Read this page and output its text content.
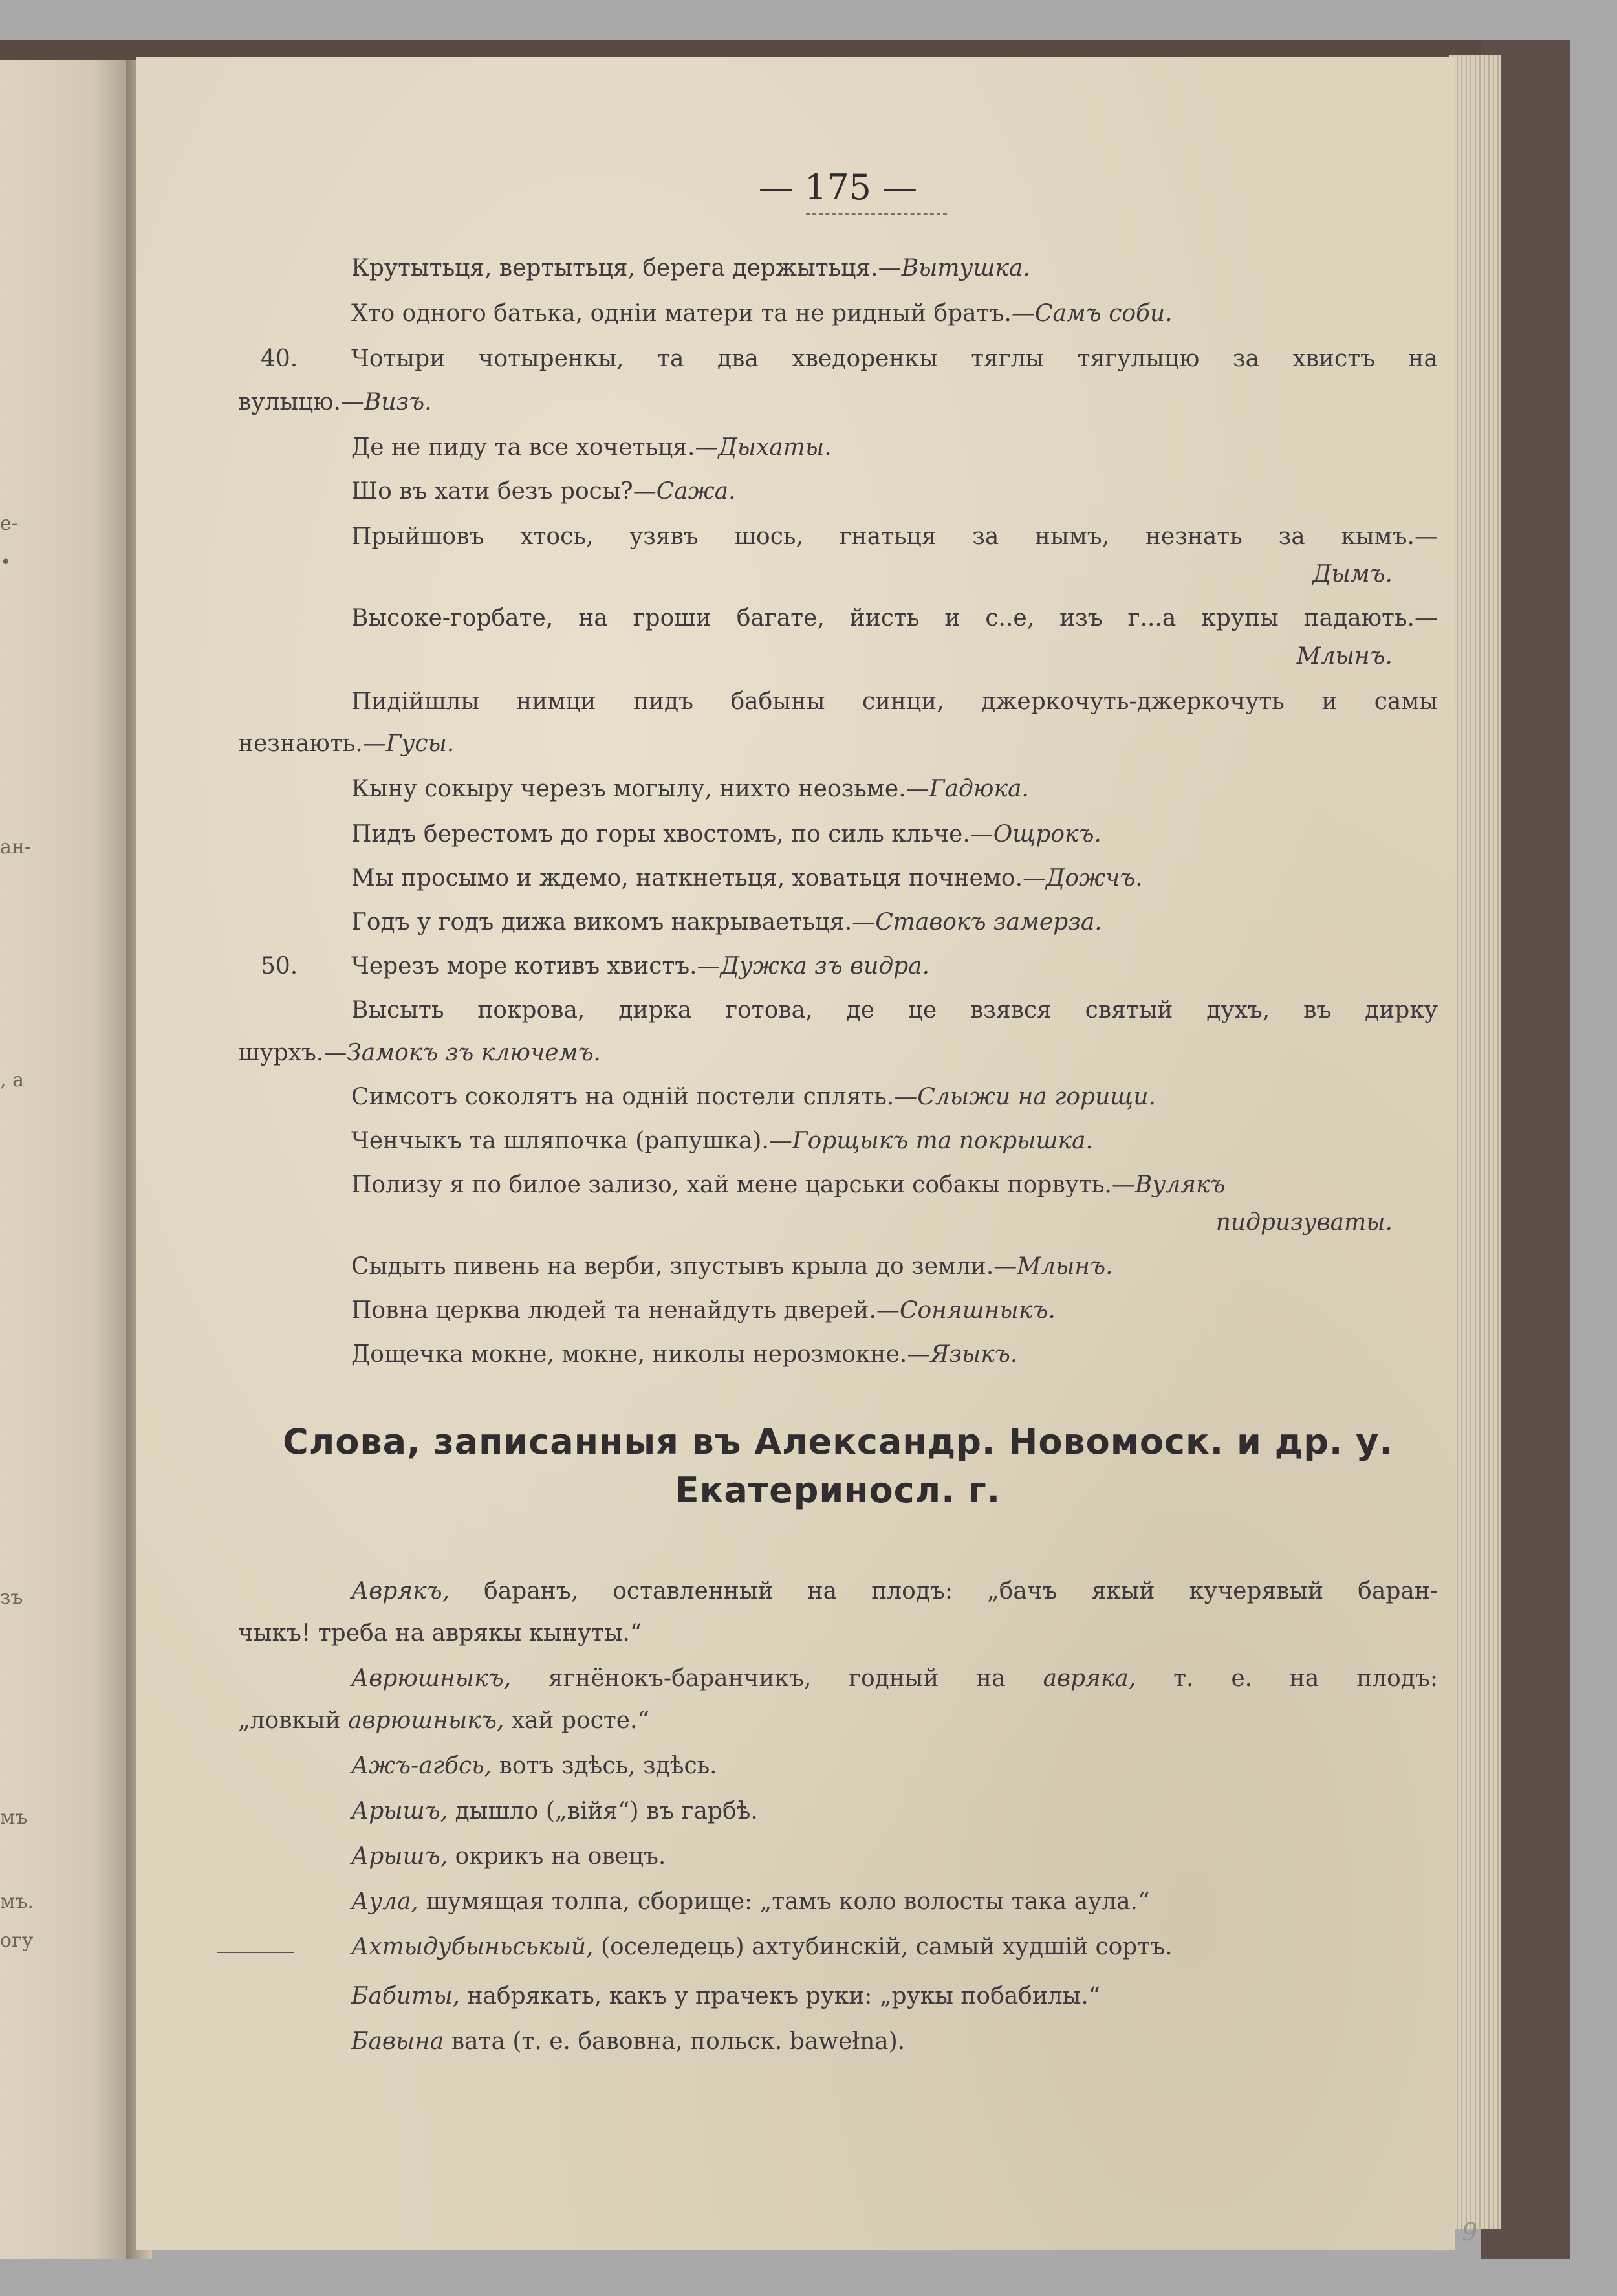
е-
•
ан-
, а
зъ
мъ
мъ.
огу
— 175 —
Крутытьця, вертытьця, берега держытьця.—Вытушка.
Хто одного батька, однiи матери та не ридный братъ.—Самъ соби.
40. Чотыри чотыренкы, та два хведоренкы тяглы тягулыцю за хвистъ на
вулыцю.—Визъ.
Де не пиду та все хочетьця.—Дыхаты.
Шо въ хати безъ росы?—Сажа.
Прыйшовъ хтось, узявъ шось, гнатьця за нымъ, незнать за кымъ.—
Дымъ.
Высоке-горбате, на гроши багате, йисть и с..е, изъ г...а крупы падають.—
Млынъ.
Пидiйшлы нимци пидъ бабыны синци, джеркочуть-джеркочуть и самы
незнають.—Гусы.
Кыну сокыру черезъ могылу, нихто неозьме.—Гадюка.
Пидъ берестомъ до горы хвостомъ, по силь кльче.—Ощрокъ.
Мы просымо и ждемо, наткнетьця, ховатьця почнемо.—Дожчъ.
Годъ у годъ дижа викомъ накрываетьця.—Ставокъ замерза.
50. Черезъ море котивъ хвистъ.—Дужка зъ видра.
Высыть покрова, дирка готова, де це взявся святый духъ, въ дирку
шурхъ.—Замокъ зъ ключемъ.
Симсотъ соколятъ на однiй постели сплять.—Слыжи на горищи.
Ченчыкъ та шляпочка (рапушка).—Горщыкъ та покрышка.
Полизу я по билое зализо, хай мене царськи собакы порвуть.—Вулякъ
пидризуваты.
Сыдыть пивень на верби, зпустывъ крыла до земли.—Млынъ.
Повна церква людей та ненайдуть дверей.—Соняшныкъ.
Дощечка мокне, мокне, николы нерозмокне.—Языкъ.
Слова, записанныя въ Александр. Новомоск. и др. у.
Екатериносл. г.
Аврякъ, баранъ, оставленный на плодъ: „бачъ якый кучерявый баран-
чыкъ! треба на аврякы кынуты.“
Аврюшныкъ, ягнёнокъ-баранчикъ, годный на авряка, т. е. на плодъ:
„ловкый аврюшныкъ, хай росте.“
Ажъ-агбсь, вотъ здѣсь, здѣсь.
Арышъ, дышло („вiйя“) въ гарбѣ.
Арышъ, окрикъ на овецъ.
Аула, шумящая толпа, сборище: „тамъ коло волосты така аула.“
Ахтыдубыньськый, (оселедець) ахтубинскiй, самый худшiй сортъ.
Бабиты, набрякать, какъ у прачекъ руки: „рукы побабилы.“
Бавына вата (т. е. бавовна, польск. bawełna).
9
